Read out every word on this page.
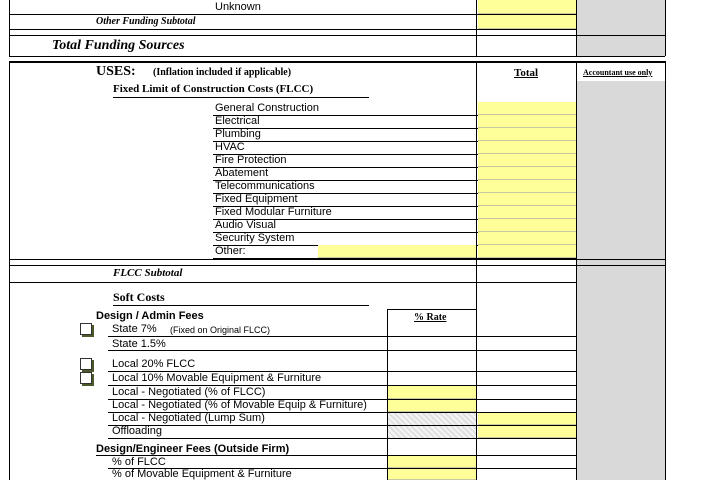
Unknown
Other Funding Subtotal
Total Funding Sources
USES: (Inflation included if applicable)
Fixed Limit of Construction Costs (FLCC)
Total	Accountant use only
General Construction
Electrical
Plumbing
HVAC
Fire Protection
Abatement
Telecommunications
Fixed Equipment
Fixed Modular Furniture
Audio Visual
Security System
Other:
FLCC Subtotal
Soft Costs
Design / Admin Fees	% Rate
State 7% (Fixed on Original FLCC)
State 1.5%
Local 20% FLCC
Local 10% Movable Equipment & Furniture
Local - Negotiated (% of FLCC)
Local - Negotiated (% of Movable Equip & Furniture)
Local - Negotiated (Lump Sum)
Offloading
Design/Engineer Fees (Outside Firm)
% of FLCC
% of Movable Equipment & Furniture
